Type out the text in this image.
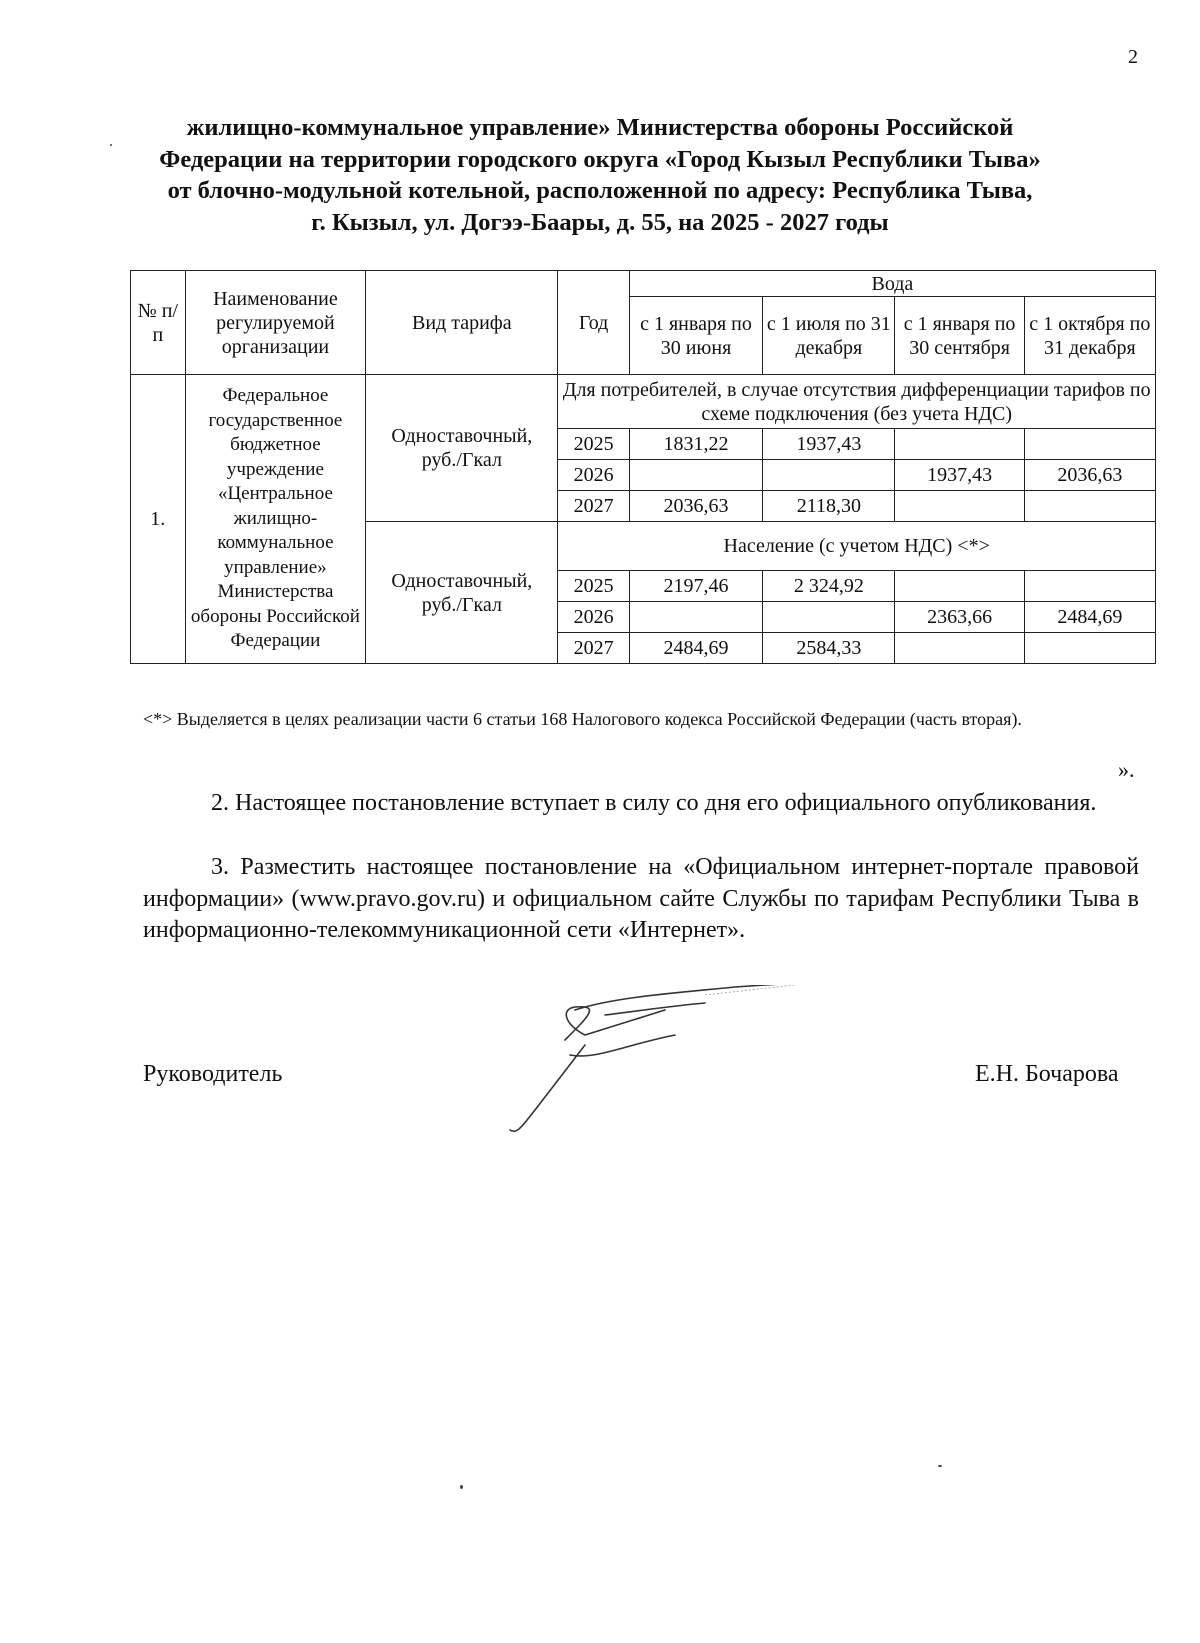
2
жилищно-коммунальное управление» Министерства обороны Российской
Федерации на территории городского округа «Город Кызыл Республики Тыва»
от блочно-модульной котельной, расположенной по адресу: Республика Тыва,
г. Кызыл, ул. Догээ-Баары, д. 55, на 2025 - 2027 годы
№ п/п	Наименование регулируемой организации	Вид тарифа	Год	Вода			
				с 1 января по 30 июня	с 1 июля по 31 декабря	с 1 января по 30 сентября	с 1 октября по 31 декабря
1.	Федеральное государственное бюджетное учреждение «Центральное жилищно-коммунальное управление» Министерства обороны Российской Федерации	Одноставочный, руб./Гкал	Для потребителей, в случае отсутствия дифференциации тарифов по схеме подключения (без учета НДС)				
			2025	1831,22	1937,43		
			2026			1937,43	2036,63
			2027	2036,63	2118,30		
		Одноставочный, руб./Гкал	Население (с учетом НДС) <*>				
			2025	2197,46	2 324,92		
			2026			2363,66	2484,69
			2027	2484,69	2584,33		
<*> Выделяется в целях реализации части 6 статьи 168 Налогового кодекса Российской Федерации (часть вторая).
».
2. Настоящее постановление вступает в силу со дня его официального опубликования.
3. Разместить настоящее постановление на «Официальном интернет-портале правовой информации» (www.pravo.gov.ru) и официальном сайте Службы по тарифам Республики Тыва в информационно-телекоммуникационной сети «Интернет».
Руководитель	Е.Н. Бочарова
